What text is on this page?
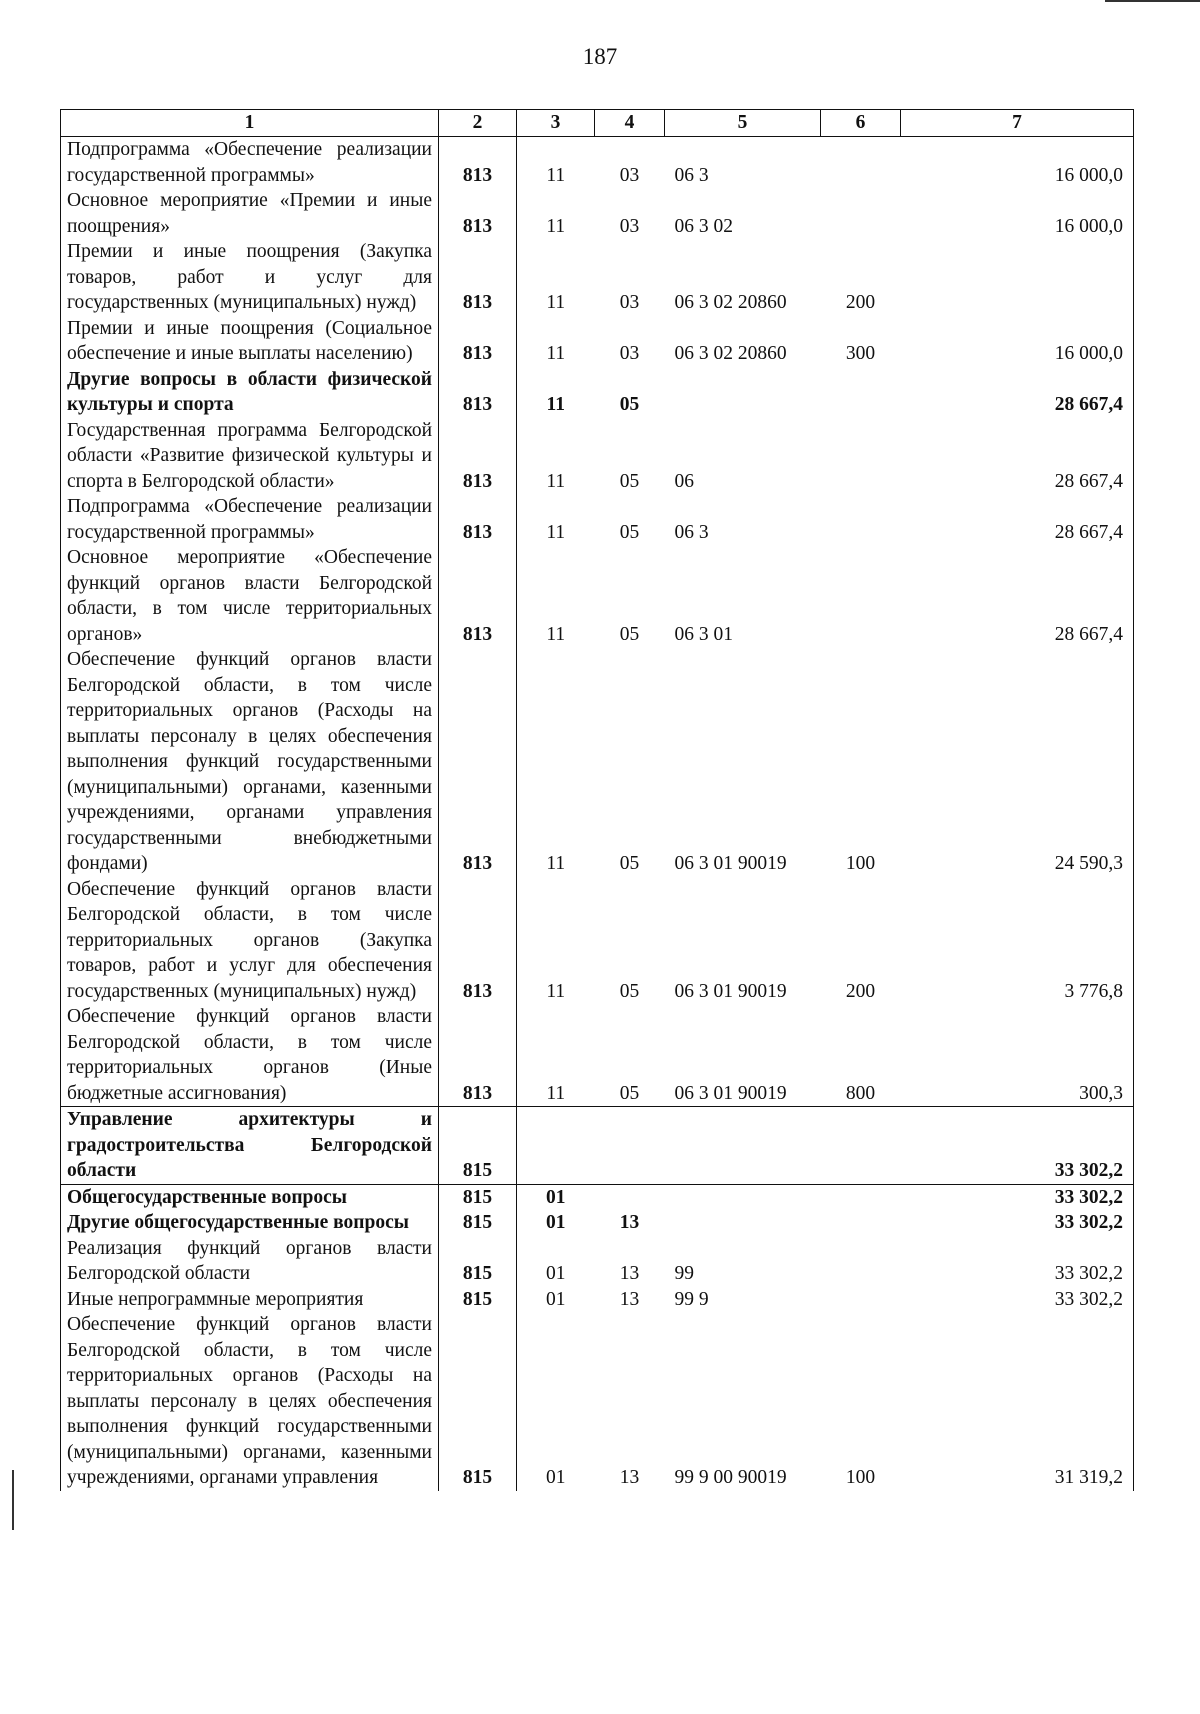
187
1	2	3	4	5	6	7
Подпрограмма «Обеспечение реализации государственной программы»	813	11	03	06 3		16 000,0
Основное мероприятие «Премии и иные поощрения»	813	11	03	06 3 02		16 000,0
Премии и иные поощрения (Закупка товаров, работ и услуг для государственных (муниципальных) нужд)	813	11	03	06 3 02 20860	200	
Премии и иные поощрения (Социальное обеспечение и иные выплаты населению)	813	11	03	06 3 02 20860	300	16 000,0
Другие вопросы в области физической культуры и спорта	813	11	05			28 667,4
Государственная программа Белгородской области «Развитие физической культуры и спорта в Белгородской области»	813	11	05	06		28 667,4
Подпрограмма «Обеспечение реализации государственной программы»	813	11	05	06 3		28 667,4
Основное мероприятие «Обеспечение функций органов власти Белгородской области, в том числе территориальных органов»	813	11	05	06 3 01		28 667,4
Обеспечение функций органов власти Белгородской области, в том числе территориальных органов (Расходы на выплаты персоналу в целях обеспечения выполнения функций государственными (муниципальными) органами, казенными учреждениями, органами управления государственными внебюджетными фондами)	813	11	05	06 3 01 90019	100	24 590,3
Обеспечение функций органов власти Белгородской области, в том числе территориальных органов (Закупка товаров, работ и услуг для обеспечения государственных (муниципальных) нужд)	813	11	05	06 3 01 90019	200	3 776,8
Обеспечение функций органов власти Белгородской области, в том числе территориальных органов (Иные бюджетные ассигнования)	813	11	05	06 3 01 90019	800	300,3
Управление архитектуры и градостроительства Белгородской области	815					33 302,2
Общегосударственные вопросы	815	01				33 302,2
Другие общегосударственные вопросы	815	01	13			33 302,2
Реализация функций органов власти Белгородской области	815	01	13	99		33 302,2
Иные непрограммные мероприятия	815	01	13	99 9		33 302,2
Обеспечение функций органов власти Белгородской области, в том числе территориальных органов (Расходы на выплаты персоналу в целях обеспечения выполнения функций государственными (муниципальными) органами, казенными учреждениями, органами управления	815	01	13	99 9 00 90019	100	31 319,2
